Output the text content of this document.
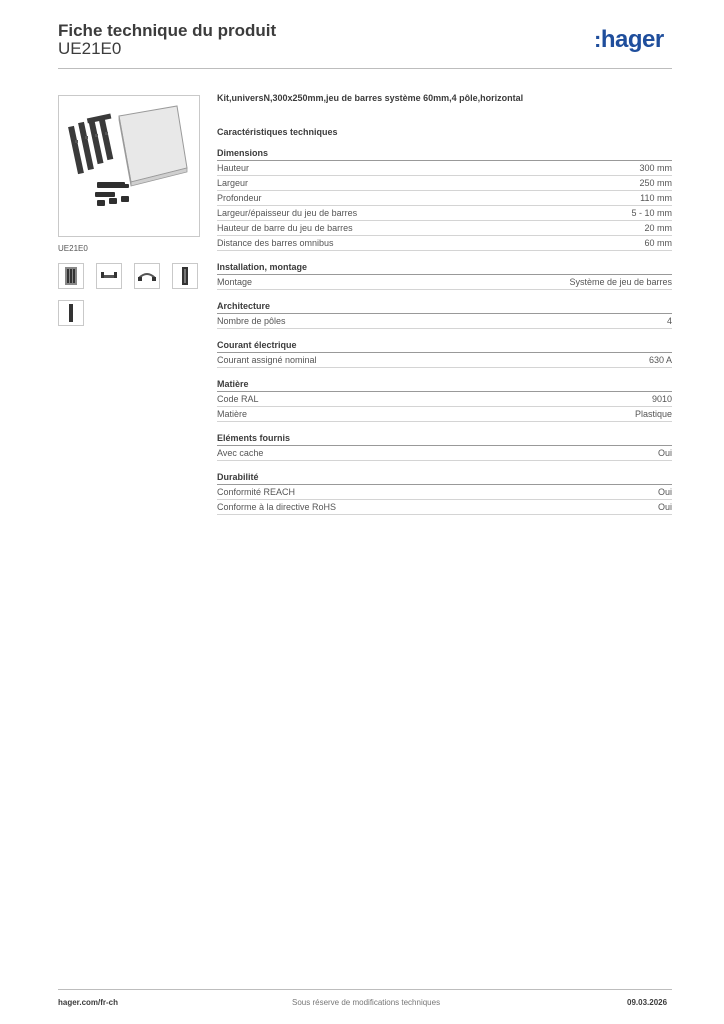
Fiche technique du produit
UE21E0	:hager
UE21E0
Kit,universN,300x250mm,jeu de barres système 60mm,4 pôle,horizontal
Caractéristiques techniques
Dimensions
Hauteur	300 mm
Largeur	250 mm
Profondeur	110 mm
Largeur/épaisseur du jeu de barres	5 - 10 mm
Hauteur de barre du jeu de barres	20 mm
Distance des barres omnibus	60 mm
Installation, montage
Montage	Système de jeu de barres
Architecture
Nombre de pôles	4
Courant électrique
Courant assigné nominal	630 A
Matière
Code RAL	9010
Matière	Plastique
Eléments fournis
Avec cache	Oui
Durabilité
Conformité REACH	Oui
Conforme à la directive RoHS	Oui
hager.com/fr-ch	Sous réserve de modifications techniques	09.03.2026
